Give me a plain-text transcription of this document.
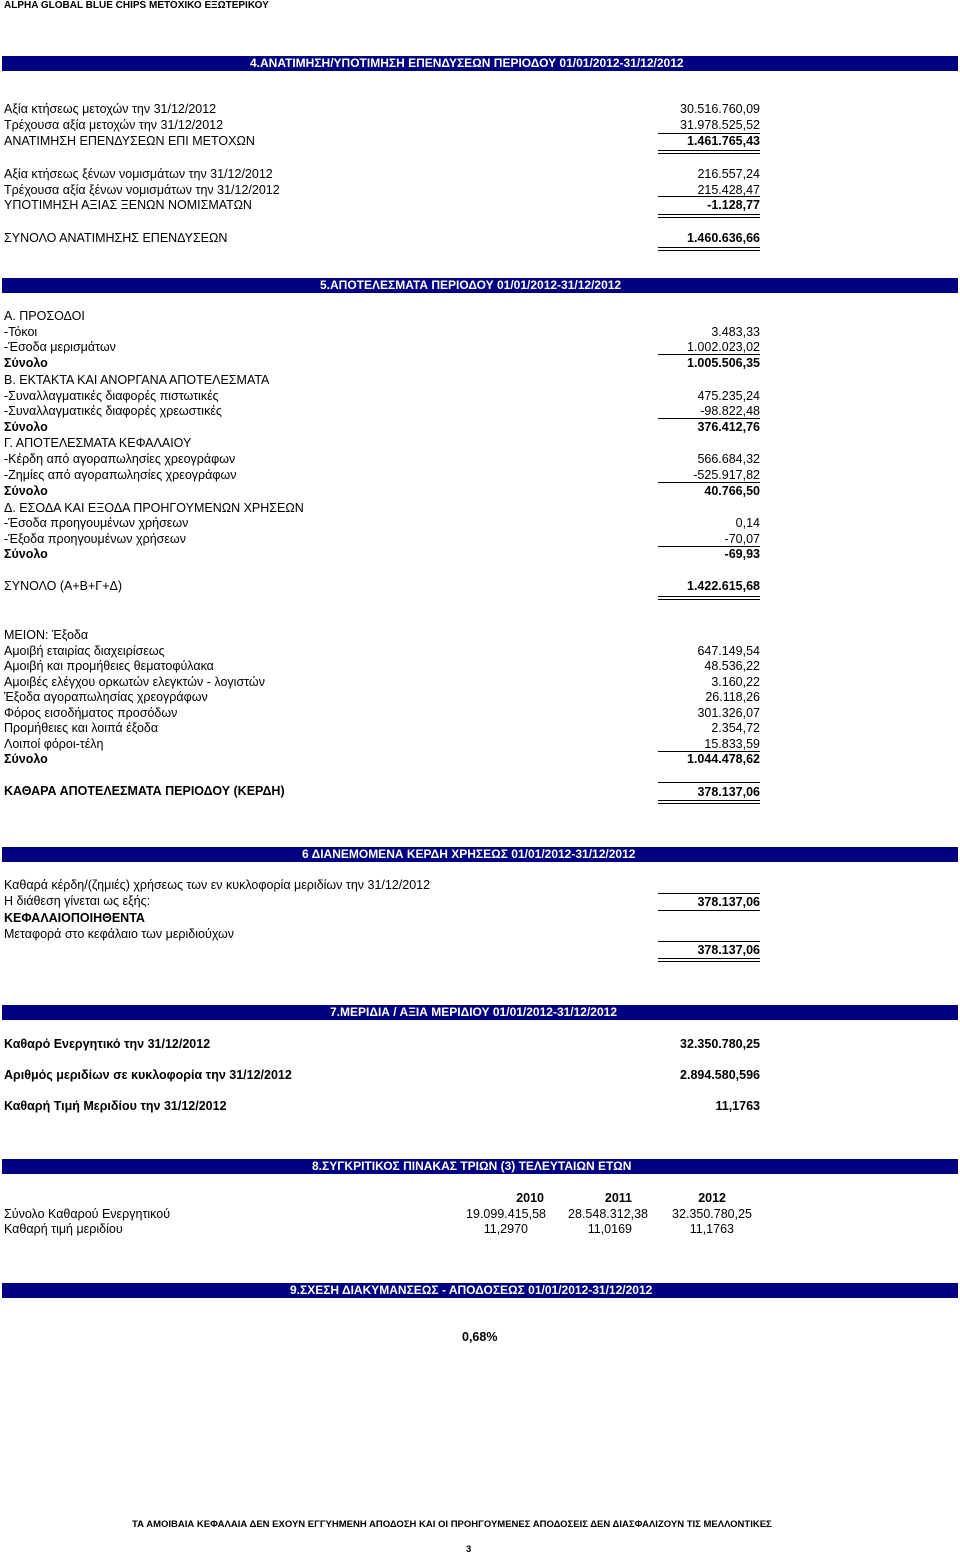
ALPHA GLOBAL BLUE CHIPS ΜΕΤΟΧΙΚΟ ΕΞΩΤΕΡΙΚΟΥ
4.ΑΝΑΤΙΜΗΣΗ/ΥΠΟΤΙΜΗΣΗ ΕΠΕΝΔΥΣΕΩΝ ΠΕΡΙΟΔΟΥ 01/01/2012-31/12/2012
Αξία κτήσεως μετοχών την 31/12/2012	30.516.760,09
Τρέχουσα αξία μετοχών την 31/12/2012	31.978.525,52
ΑΝΑΤΙΜΗΣΗ ΕΠΕΝΔΥΣΕΩΝ ΕΠΙ ΜΕΤΟΧΩΝ	1.461.765,43
Αξία κτήσεως ξένων νομισμάτων την 31/12/2012	216.557,24
Τρέχουσα αξία ξένων νομισμάτων την 31/12/2012	215.428,47
ΥΠΟΤΙΜΗΣΗ ΑΞΙΑΣ ΞΕΝΩΝ ΝΟΜΙΣΜΑΤΩΝ	-1.128,77
ΣΥΝΟΛΟ ΑΝΑΤΙΜΗΣΗΣ ΕΠΕΝΔΥΣΕΩΝ	1.460.636,66
5.ΑΠΟΤΕΛΕΣΜΑΤΑ ΠΕΡΙΟΔΟΥ 01/01/2012-31/12/2012
Α. ΠΡΟΣΟΔΟΙ
-Τόκοι	3.483,33
-Έσοδα μερισμάτων	1.002.023,02
Σύνολο	1.005.506,35
Β. ΕΚΤΑΚΤΑ ΚΑΙ ΑΝΟΡΓΑΝΑ ΑΠΟΤΕΛΕΣΜΑΤΑ
-Συναλλαγματικές διαφορές πιστωτικές	475.235,24
-Συναλλαγματικές διαφορές χρεωστικές	-98.822,48
Σύνολο	376.412,76
Γ. ΑΠΟΤΕΛΕΣΜΑΤΑ ΚΕΦΑΛΑΙΟΥ
-Κέρδη από αγοραπωλησίες χρεογράφων	566.684,32
-Ζημίες από αγοραπωλησίες χρεογράφων	-525.917,82
Σύνολο	40.766,50
Δ. ΕΣΟΔΑ ΚΑΙ ΕΞΟΔΑ ΠΡΟΗΓΟΥΜΕΝΩΝ ΧΡΗΣΕΩΝ
-Έσοδα προηγουμένων χρήσεων	0,14
-Έξοδα προηγουμένων χρήσεων	-70,07
Σύνολο	-69,93
ΣΥΝΟΛΟ (Α+Β+Γ+Δ)	1.422.615,68
ΜΕΙΟΝ: Έξοδα
Αμοιβή εταιρίας διαχειρίσεως	647.149,54
Αμοιβή και προμήθειες θεματοφύλακα	48.536,22
Αμοιβές ελέγχου ορκωτών ελεγκτών - λογιστών	3.160,22
Έξοδα αγοραπωλησίας χρεογράφων	26.118,26
Φόρος εισοδήματος προσόδων	301.326,07
Προμήθειες και λοιπά έξοδα	2.354,72
Λοιποί φόροι-τέλη	15.833,59
Σύνολο	1.044.478,62
ΚΑΘΑΡΑ ΑΠΟΤΕΛΕΣΜΑΤΑ ΠΕΡΙΟΔΟΥ (ΚΕΡΔΗ)	378.137,06
6 ΔΙΑΝΕΜΟΜΕΝΑ ΚΕΡΔΗ ΧΡΗΣΕΩΣ 01/01/2012-31/12/2012
Καθαρά κέρδη/(ζημιές) χρήσεως των εν κυκλοφορία μεριδίων την 31/12/2012
Η διάθεση γίνεται ως εξής:	378.137,06
ΚΕΦΑΛΑΙΟΠΟΙΗΘΕΝΤΑ
Μεταφορά στο κεφάλαιο των μεριδιούχων
378.137,06
7.ΜΕΡΙΔΙΑ / ΑΞΙΑ ΜΕΡΙΔΙΟΥ 01/01/2012-31/12/2012
Καθαρό Ενεργητικό την 31/12/2012	32.350.780,25
Αριθμός μεριδίων σε κυκλοφορία την 31/12/2012	2.894.580,596
Καθαρή Τιμή Μεριδίου την 31/12/2012	11,1763
8.ΣΥΓΚΡΙΤΙΚΟΣ ΠΙΝΑΚΑΣ ΤΡΙΩΝ (3) ΤΕΛΕΥΤΑΙΩΝ ΕΤΩΝ
2010	2011	2012
Σύνολο Καθαρού Ενεργητικού	19.099.415,58	28.548.312,38	32.350.780,25
Καθαρή τιμή μεριδίου	11,2970	11,0169	11,1763
9.ΣΧΕΣΗ ΔΙΑΚΥΜΑΝΣΕΩΣ - ΑΠΟΔΟΣΕΩΣ 01/01/2012-31/12/2012
0,68%
ΤΑ ΑΜΟΙΒΑΙΑ ΚΕΦΑΛΑΙΑ ΔΕΝ ΕΧΟΥΝ ΕΓΓΥΗΜΕΝΗ ΑΠΟΔΟΣΗ ΚΑΙ ΟΙ ΠΡΟΗΓΟΥΜΕΝΕΣ ΑΠΟΔΟΣΕΙΣ ΔΕΝ ΔΙΑΣΦΑΛΙΖΟΥΝ ΤΙΣ ΜΕΛΛΟΝΤΙΚΕΣ
3
